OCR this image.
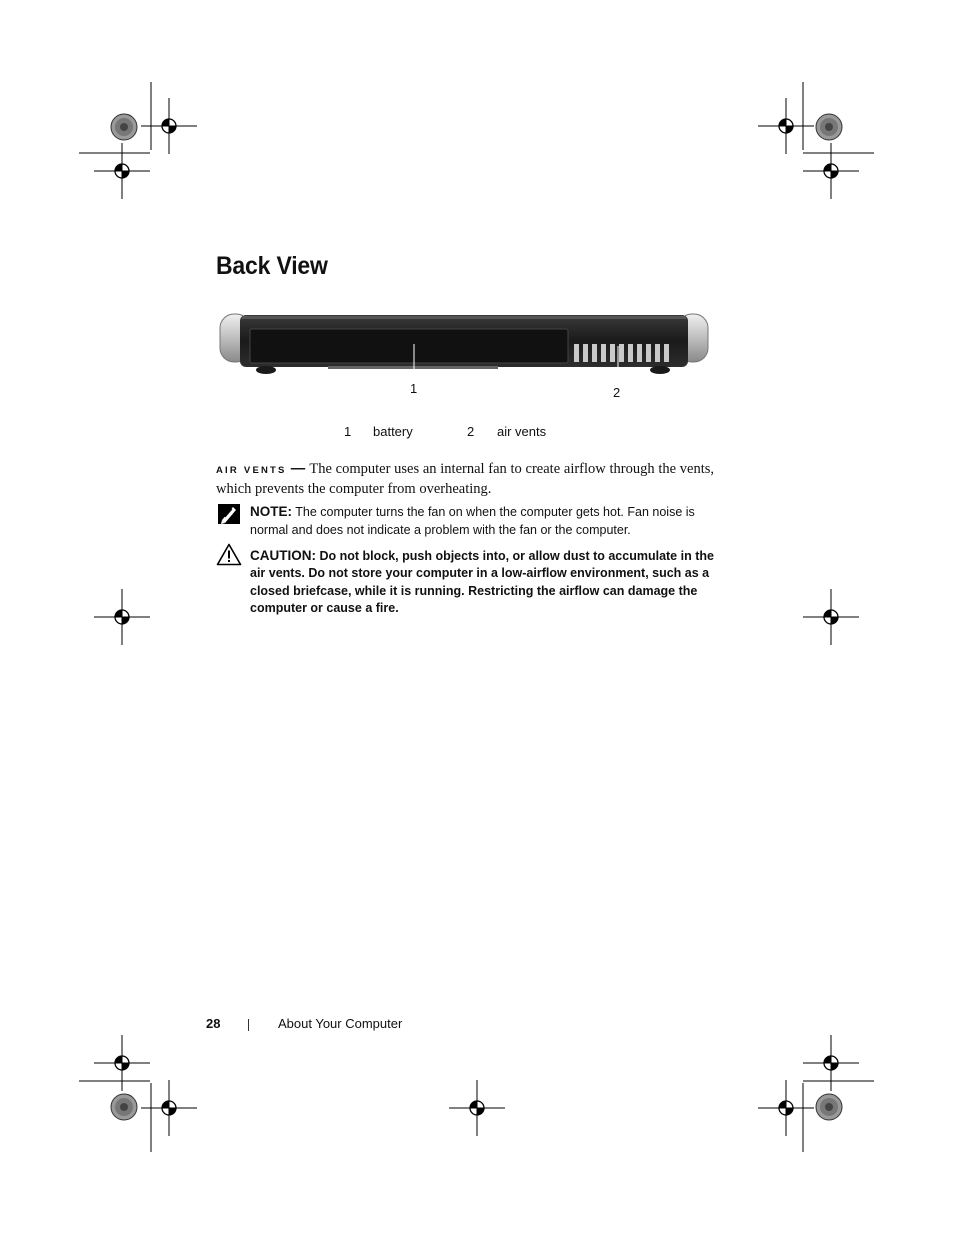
Back View
1	2
1 battery	2 air vents
AIR VENTS — The computer uses an internal fan to create airflow through the vents, which prevents the computer from overheating.
NOTE: The computer turns the fan on when the computer gets hot. Fan noise is normal and does not indicate a problem with the fan or the computer.
CAUTION: Do not block, push objects into, or allow dust to accumulate in the air vents. Do not store your computer in a low-airflow environment, such as a closed briefcase, while it is running. Restricting the airflow can damage the computer or cause a fire.
28	About Your Computer
